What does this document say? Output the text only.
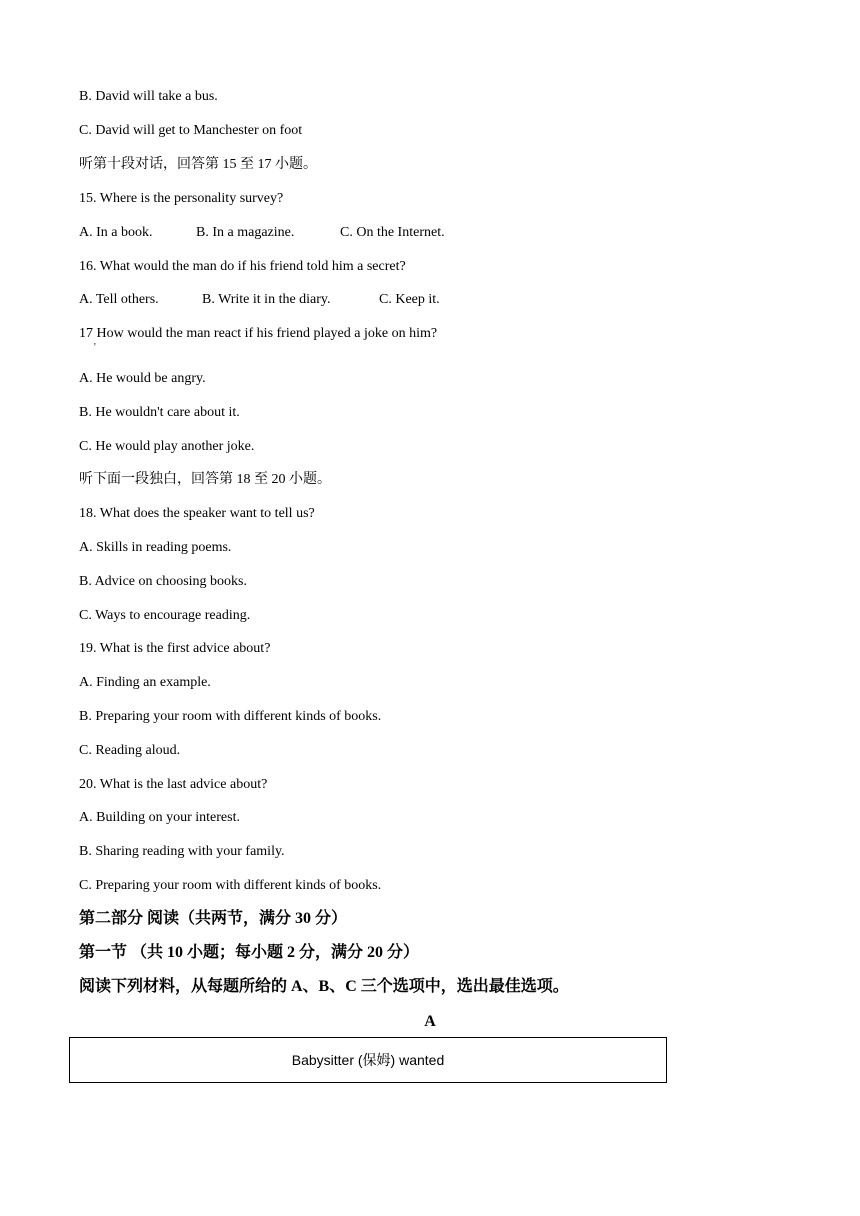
B. David will take a bus.
C. David will get to Manchester on foot
听第十段对话，回答第 15 至 17 小题。
15. Where is the personality survey?
A. In a book.	B. In a magazine.	C. On the Internet.
16. What would the man do if his friend told him a secret?
A. Tell others.	B. Write it in the diary.	C. Keep it.
17 How would the man react if his friend played a joke on him?
'
A. He would be angry.
B. He wouldn't care about it.
C. He would play another joke.
听下面一段独白，回答第 18 至 20 小题。
18. What does the speaker want to tell us?
A. Skills in reading poems.
B. Advice on choosing books.
C. Ways to encourage reading.
19. What is the first advice about?
A. Finding an example.
B. Preparing your room with different kinds of books.
C. Reading aloud.
20. What is the last advice about?
A. Building on your interest.
B. Sharing reading with your family.
C. Preparing your room with different kinds of books.
第二部分 阅读（共两节，满分 30 分）
第一节 （共 10 小题；每小题 2 分，满分 20 分）
阅读下列材料，从每题所给的 A、B、C 三个选项中，选出最佳选项。
A
Babysitter (保姆) wanted
